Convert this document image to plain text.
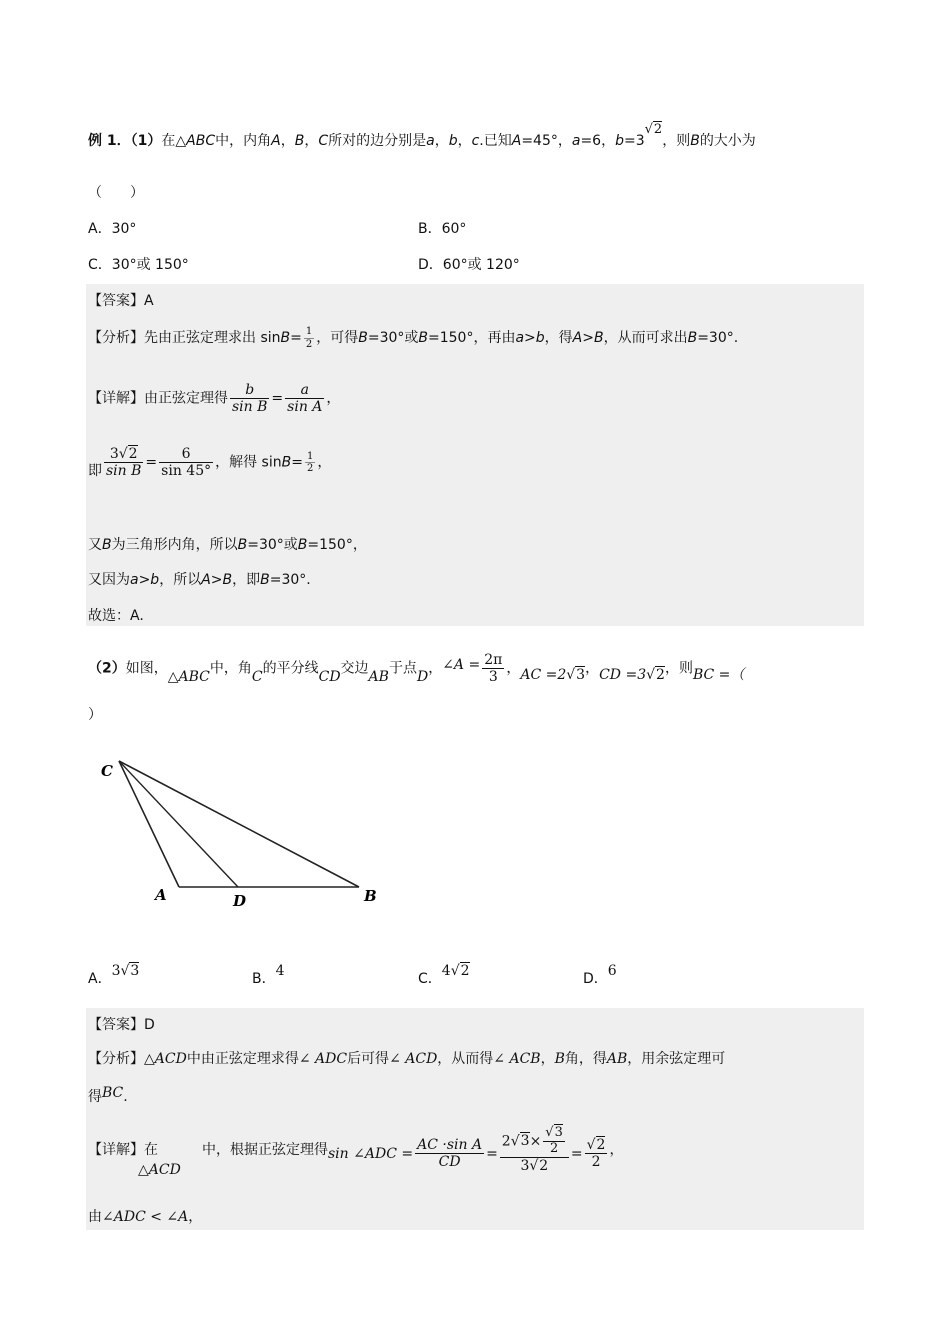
例 1．（1）在△ABC中，内角A，B，C所对的边分别是a，b，c.已知A=45°，a=6，b=3√2，则B的大小为
（　　）
A．30°	B．60°
C．30°或 150°	D．60°或 120°
【答案】A
【分析】先由正弦定理求出 $\sin B= \frac{1}{2}$ ，可得B=30°或B=150°，再由a>b，得A>B，从而可求出B=30°.
【详解】由正弦定理得 $\frac{b}{\text{sin B}} = \frac{a}{\text{sin A}}$ ，
即 $\frac{3√2}{\text{sin B}} = \frac{6}{\sin 45^\circ}$ ，解得 $\sin B= \frac{1}{2}$ ，
又B为三角形内角，所以B=30°或B=150°，
又因为a>b，所以A>B，即B=30°.
故选：A.
（2）如图，△ABC中，角C的平分线CD交边AB于点D，∠A = $\frac{2\pi}{3}$ ，AC =2√3，CD =3√2，则BC =（
）
C
A	D	B
A．3√3	B．4	C．4√2	D．6
【答案】D
【分析】△ACD中由正弦定理求得∠ ADC后可得∠ ACD，从而得∠ ACB，B角，得AB，用余弦定理可
得BC.
【详解】在△ACD中，根据正弦定理得sin ∠ADC = $\frac{\text{AC ·sin A}}{CD} = \frac{2√3\times \frac{√3}{2}}{3√2} = \frac{√2}{2}$ ，
由∠ADC < ∠A，
